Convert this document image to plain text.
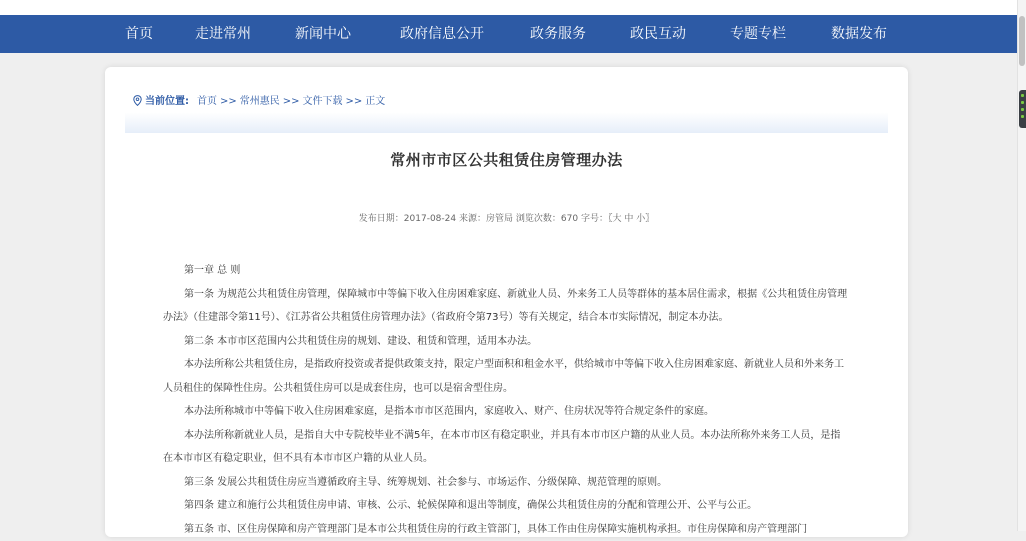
首页	走进常州	新闻中心	政府信息公开	政务服务	政民互动	专题专栏	数据发布
当前位置: 首页 >> 常州惠民 >> 文件下载 >> 正文
常州市市区公共租赁住房管理办法
发布日期：2017-08-24 来源：房管局 浏览次数：670 字号：〖大 中 小〗

第一章 总 则

第一条 为规范公共租赁住房管理，保障城市中等偏下收入住房困难家庭、新就业人员、外来务工人员等群体的基本居住需求，根据《公共租赁住房管理办法》（住建部令第11号）、《江苏省公共租赁住房管理办法》（省政府令第73号）等有关规定，结合本市实际情况，制定本办法。

第二条 本市市区范围内公共租赁住房的规划、建设、租赁和管理，适用本办法。

本办法所称公共租赁住房，是指政府投资或者提供政策支持，限定户型面积和租金水平，供给城市中等偏下收入住房困难家庭、新就业人员和外来务工人员租住的保障性住房。公共租赁住房可以是成套住房，也可以是宿舍型住房。

本办法所称城市中等偏下收入住房困难家庭，是指本市市区范围内，家庭收入、财产、住房状况等符合规定条件的家庭。

本办法所称新就业人员，是指自大中专院校毕业不满5年，在本市市区有稳定职业，并具有本市市区户籍的从业人员。本办法所称外来务工人员，是指在本市市区有稳定职业，但不具有本市市区户籍的从业人员。

第三条 发展公共租赁住房应当遵循政府主导、统筹规划、社会参与、市场运作、分级保障、规范管理的原则。

第四条 建立和施行公共租赁住房申请、审核、公示、轮候保障和退出等制度，确保公共租赁住房的分配和管理公开、公平与公正。

第五条 市、区住房保障和房产管理部门是本市公共租赁住房的行政主管部门，具体工作由住房保障实施机构承担。市住房保障和房产管理部门
